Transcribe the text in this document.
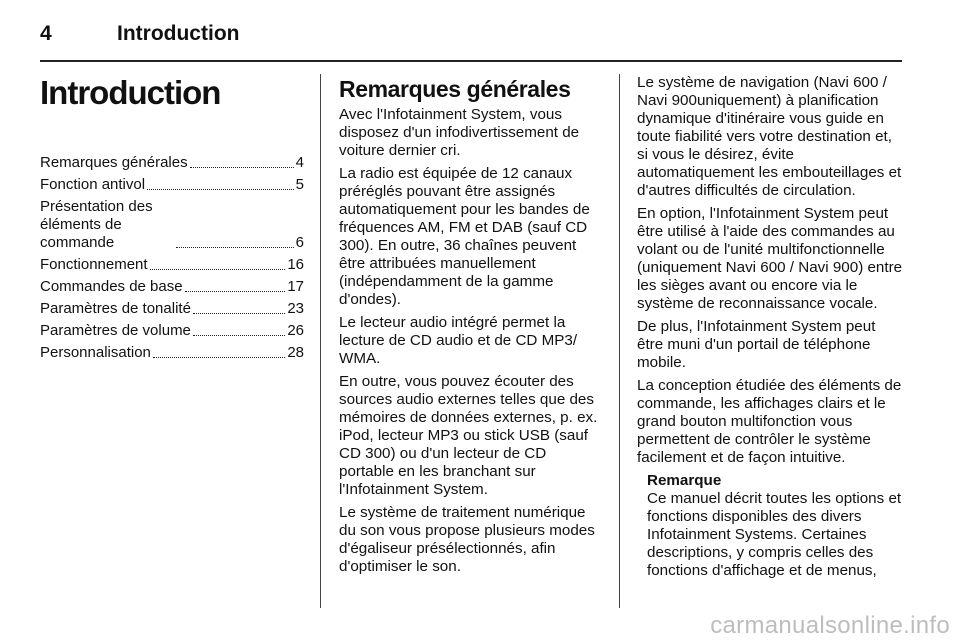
4	Introduction
Introduction
Remarques générales	4
Fonction antivol	5
Présentation des éléments de commande	6
Fonctionnement	16
Commandes de base	17
Paramètres de tonalité	23
Paramètres de volume	26
Personnalisation	28
Remarques générales

Avec l'Infotainment System, vous disposez d'un infodivertissement de voiture dernier cri.

La radio est équipée de 12 canaux préréglés pouvant être assignés automatiquement pour les bandes de fréquences AM, FM et DAB (sauf CD 300). En outre, 36 chaînes peuvent être attribuées manuellement (indépendamment de la gamme d'ondes).

Le lecteur audio intégré permet la lecture de CD audio et de CD MP3/ WMA.

En outre, vous pouvez écouter des sources audio externes telles que des mémoires de données externes, p. ex. iPod, lecteur MP3 ou stick USB (sauf CD 300) ou d'un lecteur de CD portable en les branchant sur l'Infotainment System.

Le système de traitement numérique du son vous propose plusieurs modes d'égaliseur présélectionnés, afin d'optimiser le son.

Le système de navigation (Navi 600 / Navi 900uniquement) à planification dynamique d'itinéraire vous guide en toute fiabilité vers votre destination et, si vous le désirez, évite automatiquement les embouteillages et d'autres difficultés de circulation.

En option, l'Infotainment System peut être utilisé à l'aide des commandes au volant ou de l'unité multifonctionnelle (uniquement Navi 600 / Navi 900) entre les sièges avant ou encore via le système de reconnaissance vocale.

De plus, l'Infotainment System peut être muni d'un portail de téléphone mobile.

La conception étudiée des éléments de commande, les affichages clairs et le grand bouton multifonction vous permettent de contrôler le système facilement et de façon intuitive.

Remarque
Ce manuel décrit toutes les options et fonctions disponibles des divers Infotainment Systems. Certaines descriptions, y compris celles des fonctions d'affichage et de menus,
carmanualsonline.info
